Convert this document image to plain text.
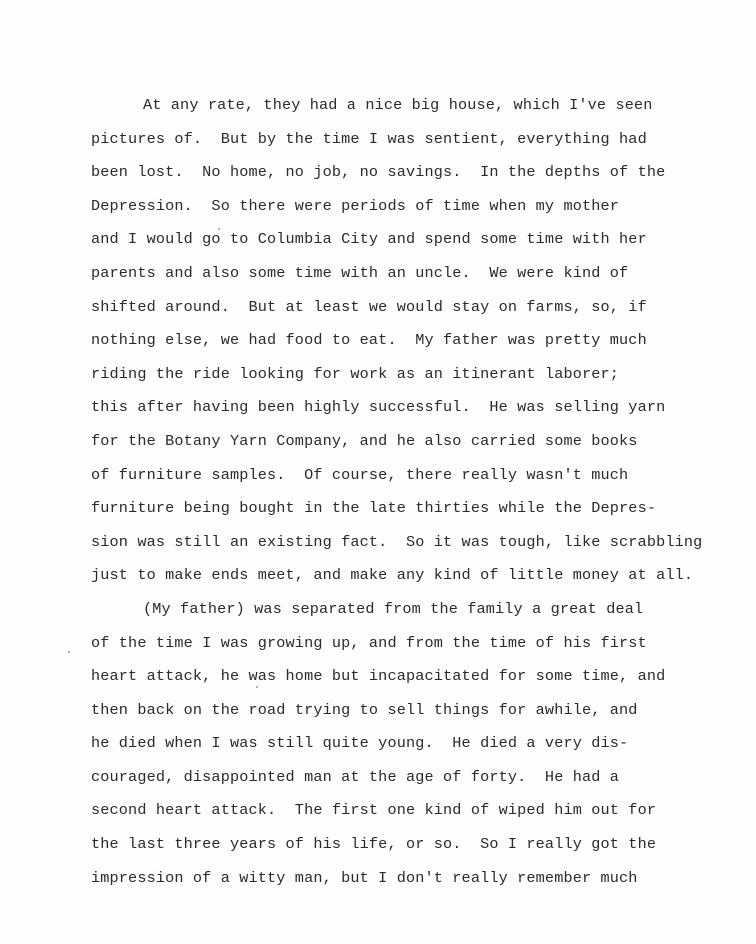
At any rate, they had a nice big house, which I've seen
pictures of.  But by the time I was sentient, everything had
been lost.  No home, no job, no savings.  In the depths of the
Depression.  So there were periods of time when my mother
and I would go to Columbia City and spend some time with her
parents and also some time with an uncle.  We were kind of
shifted around.  But at least we would stay on farms, so, if
nothing else, we had food to eat.  My father was pretty much
riding the ride looking for work as an itinerant laborer;
this after having been highly successful.  He was selling yarn
for the Botany Yarn Company, and he also carried some books
of furniture samples.  Of course, there really wasn't much
furniture being bought in the late thirties while the Depres-
sion was still an existing fact.  So it was tough, like scrabbling
just to make ends meet, and make any kind of little money at all.
(My father) was separated from the family a great deal
of the time I was growing up, and from the time of his first
heart attack, he was home but incapacitated for some time, and
then back on the road trying to sell things for awhile, and
he died when I was still quite young.  He died a very dis-
couraged, disappointed man at the age of forty.  He had a
second heart attack.  The first one kind of wiped him out for
the last three years of his life, or so.  So I really got the
impression of a witty man, but I don't really remember much
